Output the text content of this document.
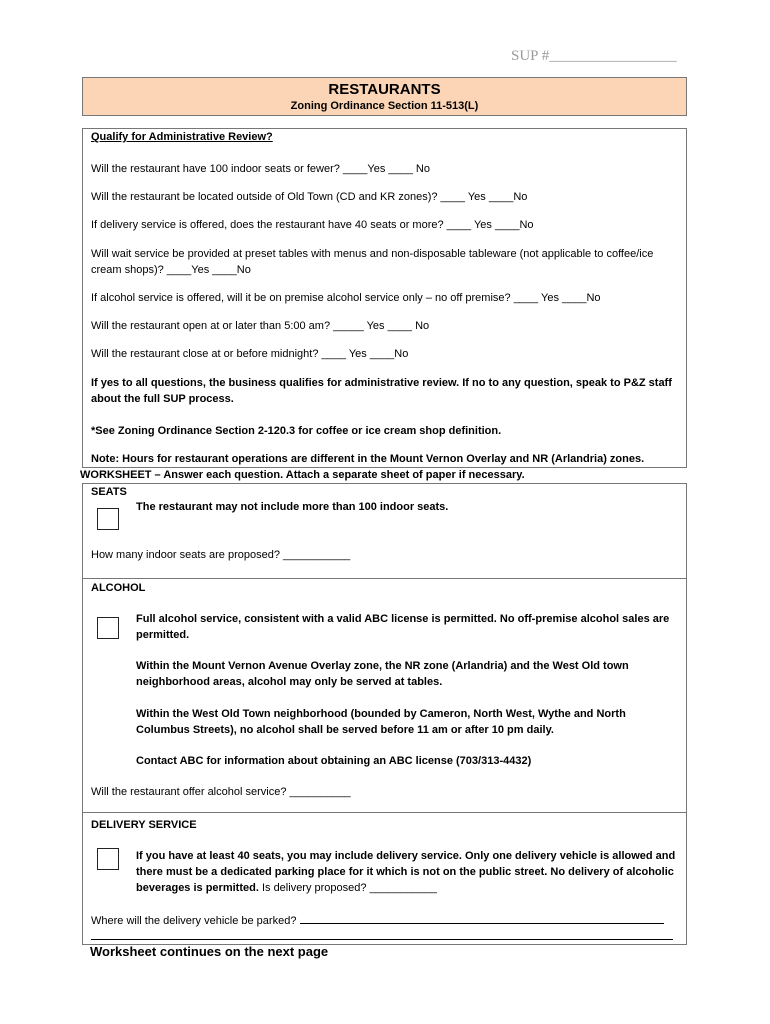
SUP #_________________
RESTAURANTS
Zoning Ordinance Section 11-513(L)
Qualify for Administrative Review?
Will the restaurant have 100 indoor seats or fewer? ____Yes ____ No
Will the restaurant be located outside of Old Town (CD and KR zones)? ____ Yes ____No
If delivery service is offered, does the restaurant have 40 seats or more? ____ Yes ____No
Will wait service be provided at preset tables with menus and non-disposable tableware (not applicable to coffee/ice cream shops)? ____Yes ____No
If alcohol service is offered, will it be on premise alcohol service only – no off premise? ____ Yes ____No
Will the restaurant open at or later than 5:00 am? _____ Yes ____ No
Will the restaurant close at or before midnight? ____ Yes ____No
If yes to all questions, the business qualifies for administrative review. If no to any question, speak to P&Z staff about the full SUP process.
*See Zoning Ordinance Section 2-120.3 for coffee or ice cream shop definition.
Note: Hours for restaurant operations are different in the Mount Vernon Overlay and NR (Arlandria) zones.
WORKSHEET – Answer each question. Attach a separate sheet of paper if necessary.
SEATS
The restaurant may not include more than 100 indoor seats.
How many indoor seats are proposed? ___________
ALCOHOL
Full alcohol service, consistent with a valid ABC license is permitted. No off-premise alcohol sales are permitted.
Within the Mount Vernon Avenue Overlay zone, the NR zone (Arlandria) and the West Old town neighborhood areas, alcohol may only be served at tables.
Within the West Old Town neighborhood (bounded by Cameron, North West, Wythe and North Columbus Streets), no alcohol shall be served before 11 am or after 10 pm daily.
Contact ABC for information about obtaining an ABC license (703/313-4432)
Will the restaurant offer alcohol service? __________
DELIVERY SERVICE
If you have at least 40 seats, you may include delivery service. Only one delivery vehicle is allowed and there must be a dedicated parking place for it which is not on the public street. No delivery of alcoholic beverages is permitted. Is delivery proposed? ___________
Where will the delivery vehicle be parked?
Worksheet continues on the next page
